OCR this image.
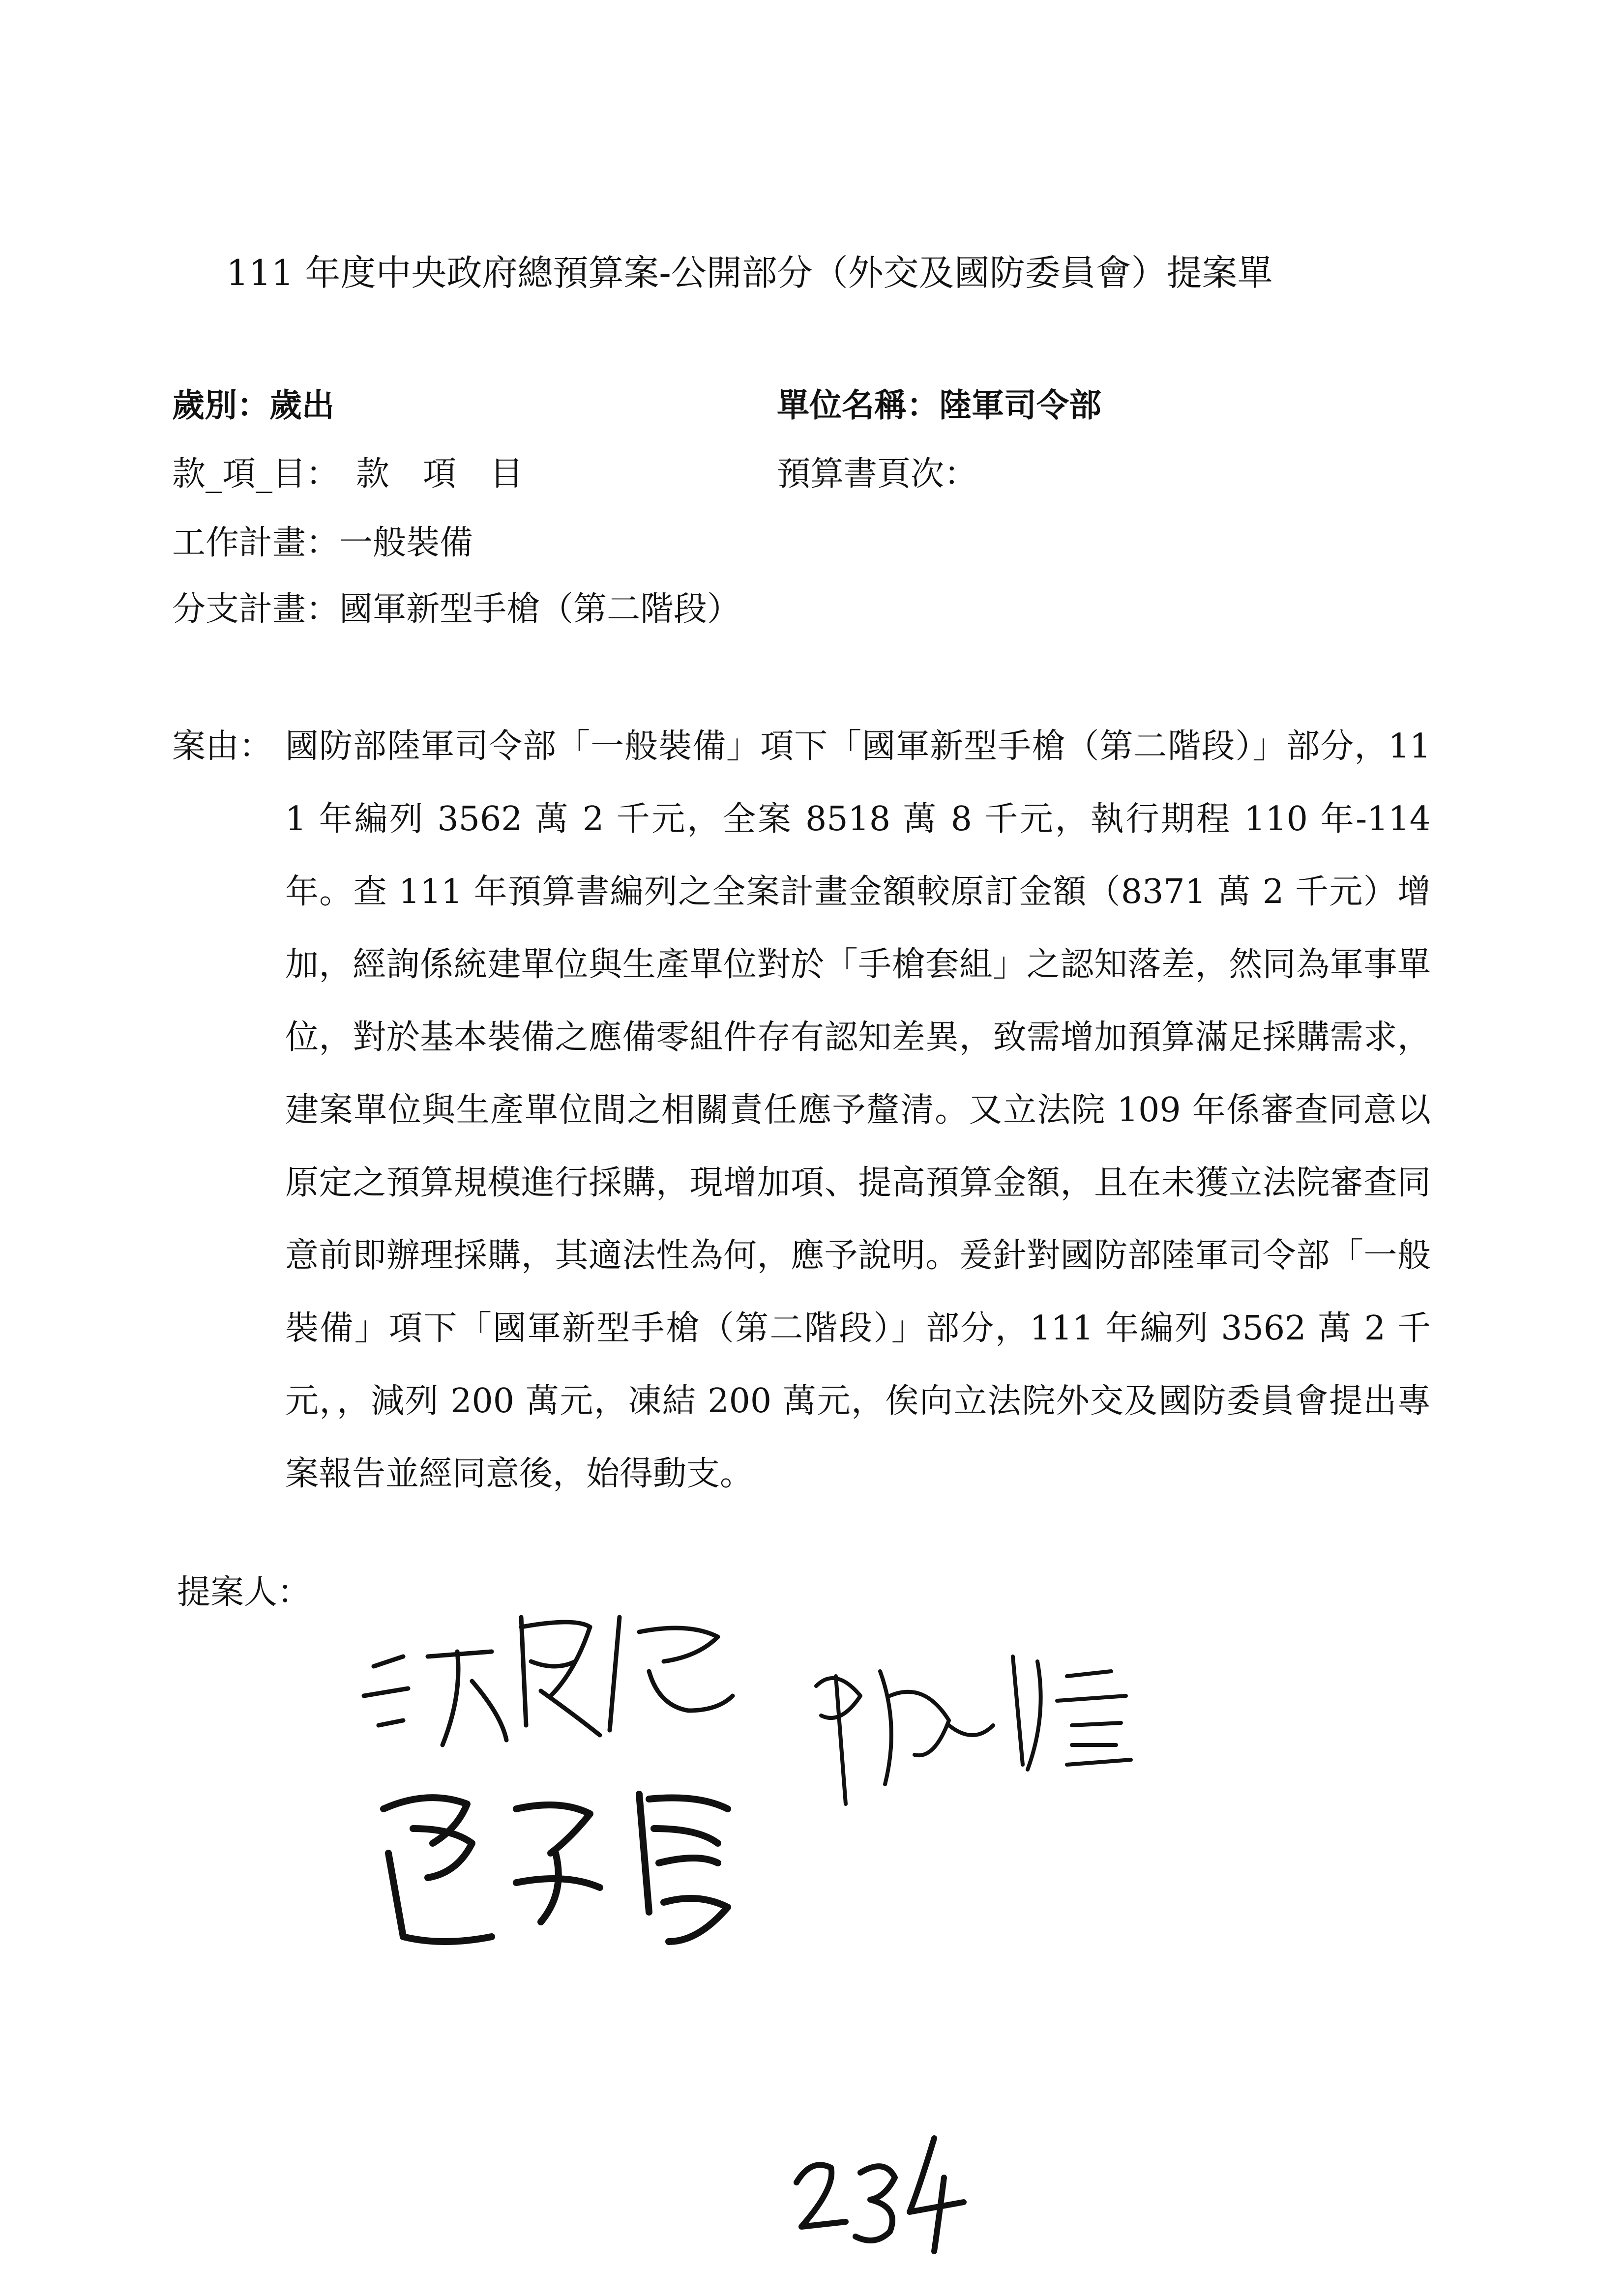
111 年度中央政府總預算案-公開部分（外交及國防委員會）提案單
歲別：歲出	單位名稱：陸軍司令部
款_項_目：　款　項　目	預算書頁次：
工作計畫：一般裝備
分支計畫：國軍新型手槍（第二階段）
案由： 國防部陸軍司令部「一般裝備」項下「國軍新型手槍（第二階段）」部分，111 年編列 3562 萬 2 千元，全案 8518 萬 8 千元，執行期程 110 年-114 年。查 111 年預算書編列之全案計畫金額較原訂金額（8371 萬 2 千元）增加，經詢係統建單位與生產單位對於「手槍套組」之認知落差，然同為軍事單位，對於基本裝備之應備零組件存有認知差異，致需增加預算滿足採購需求，建案單位與生產單位間之相關責任應予釐清。又立法院 109 年係審查同意以原定之預算規模進行採購，現增加項、提高預算金額，且在未獲立法院審查同意前即辦理採購，其適法性為何，應予說明。爰針對國防部陸軍司令部「一般裝備」項下「國軍新型手槍（第二階段）」部分，111 年編列 3562 萬 2 千元，，減列 200 萬元，凍結 200 萬元，俟向立法院外交及國防委員會提出專案報告並經同意後，始得動支。
提案人：
